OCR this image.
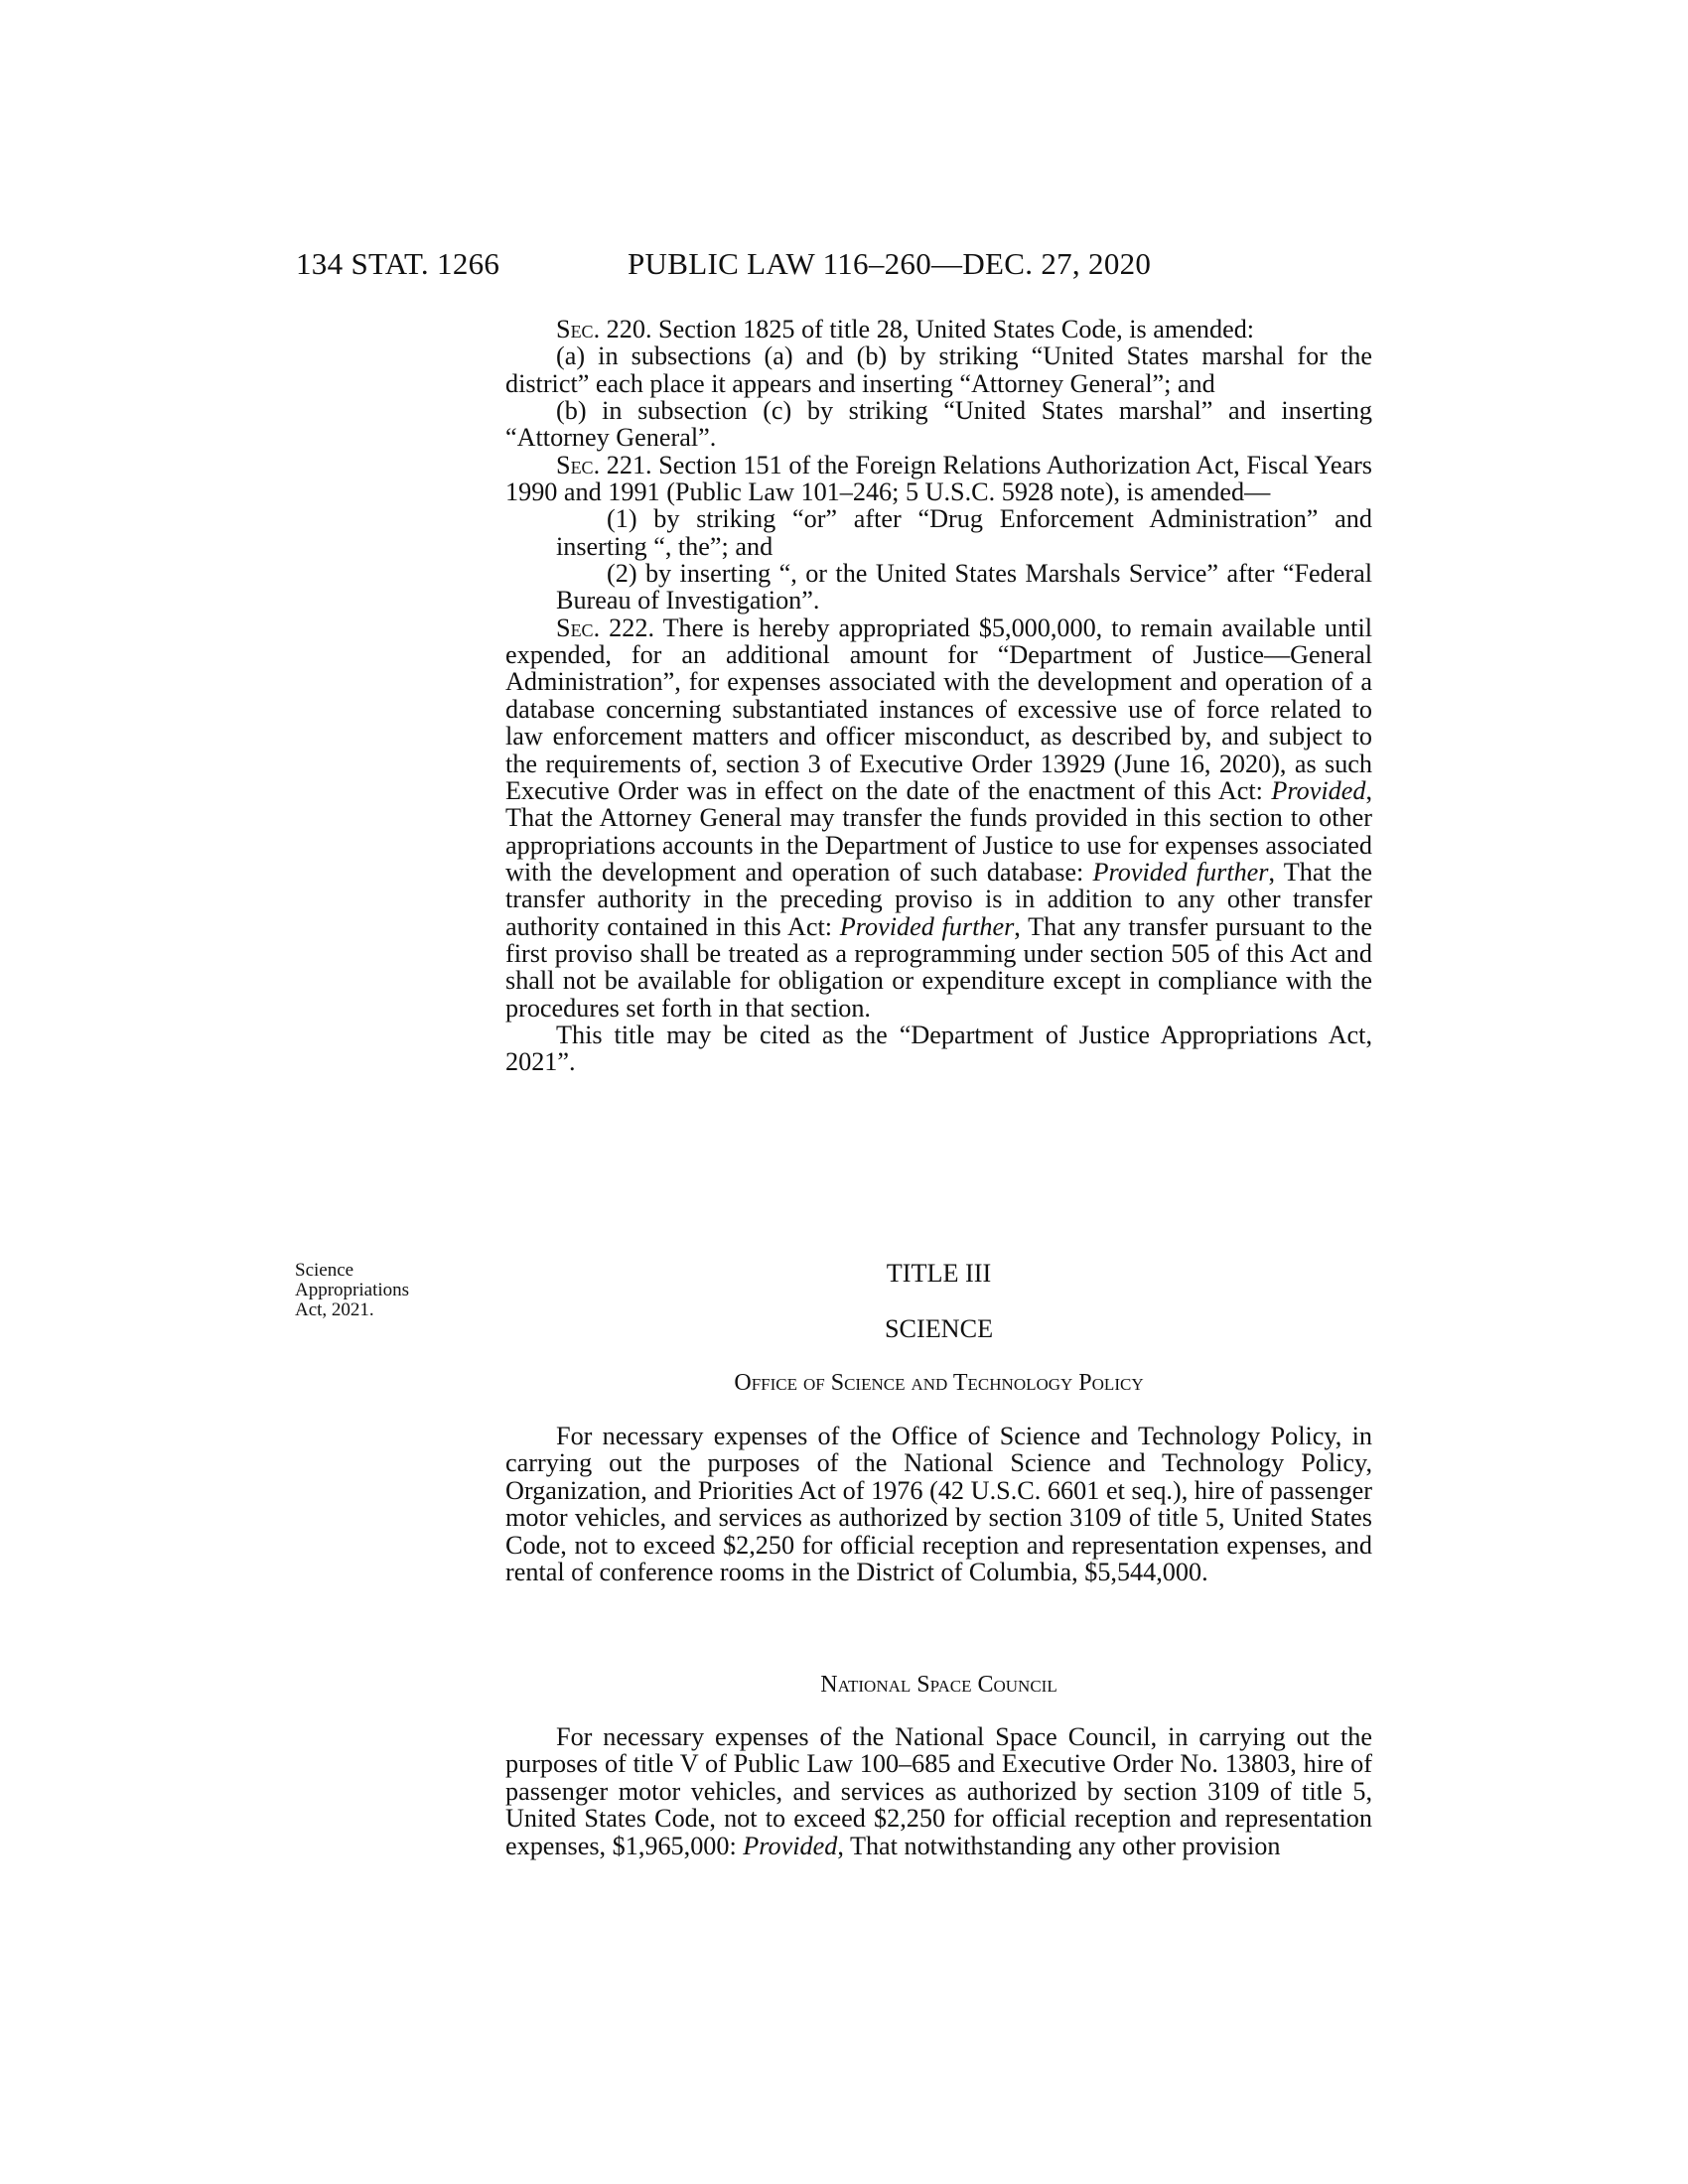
134 STAT. 1266	PUBLIC LAW 116–260—DEC. 27, 2020

Sec. 220. Section 1825 of title 28, United States Code, is amended:

(a) in subsections (a) and (b) by striking “United States marshal for the district” each place it appears and inserting “Attorney General”; and

(b) in subsection (c) by striking “United States marshal” and inserting “Attorney General”.

Sec. 221. Section 151 of the Foreign Relations Authorization Act, Fiscal Years 1990 and 1991 (Public Law 101–246; 5 U.S.C. 5928 note), is amended—

(1) by striking “or” after “Drug Enforcement Administration” and inserting “, the”; and

(2) by inserting “, or the United States Marshals Service” after “Federal Bureau of Investigation”.

Sec. 222. There is hereby appropriated $5,000,000, to remain available until expended, for an additional amount for “Department of Justice—General Administration”, for expenses associated with the development and operation of a database concerning substantiated instances of excessive use of force related to law enforcement matters and officer misconduct, as described by, and subject to the requirements of, section 3 of Executive Order 13929 (June 16, 2020), as such Executive Order was in effect on the date of the enactment of this Act: Provided, That the Attorney General may transfer the funds provided in this section to other appropriations accounts in the Department of Justice to use for expenses associated with the development and operation of such database: Provided further, That the transfer authority in the preceding proviso is in addition to any other transfer authority contained in this Act: Provided further, That any transfer pursuant to the first proviso shall be treated as a reprogramming under section 505 of this Act and shall not be available for obligation or expenditure except in compliance with the procedures set forth in that section.

This title may be cited as the “Department of Justice Appropriations Act, 2021”.

Science
Appropriations
Act, 2021.

TITLE III

SCIENCE

Office of Science and Technology Policy

For necessary expenses of the Office of Science and Technology Policy, in carrying out the purposes of the National Science and Technology Policy, Organization, and Priorities Act of 1976 (42 U.S.C. 6601 et seq.), hire of passenger motor vehicles, and services as authorized by section 3109 of title 5, United States Code, not to exceed $2,250 for official reception and representation expenses, and rental of conference rooms in the District of Columbia, $5,544,000.

National Space Council

For necessary expenses of the National Space Council, in carrying out the purposes of title V of Public Law 100–685 and Executive Order No. 13803, hire of passenger motor vehicles, and services as authorized by section 3109 of title 5, United States Code, not to exceed $2,250 for official reception and representation expenses, $1,965,000: Provided, That notwithstanding any other provision
